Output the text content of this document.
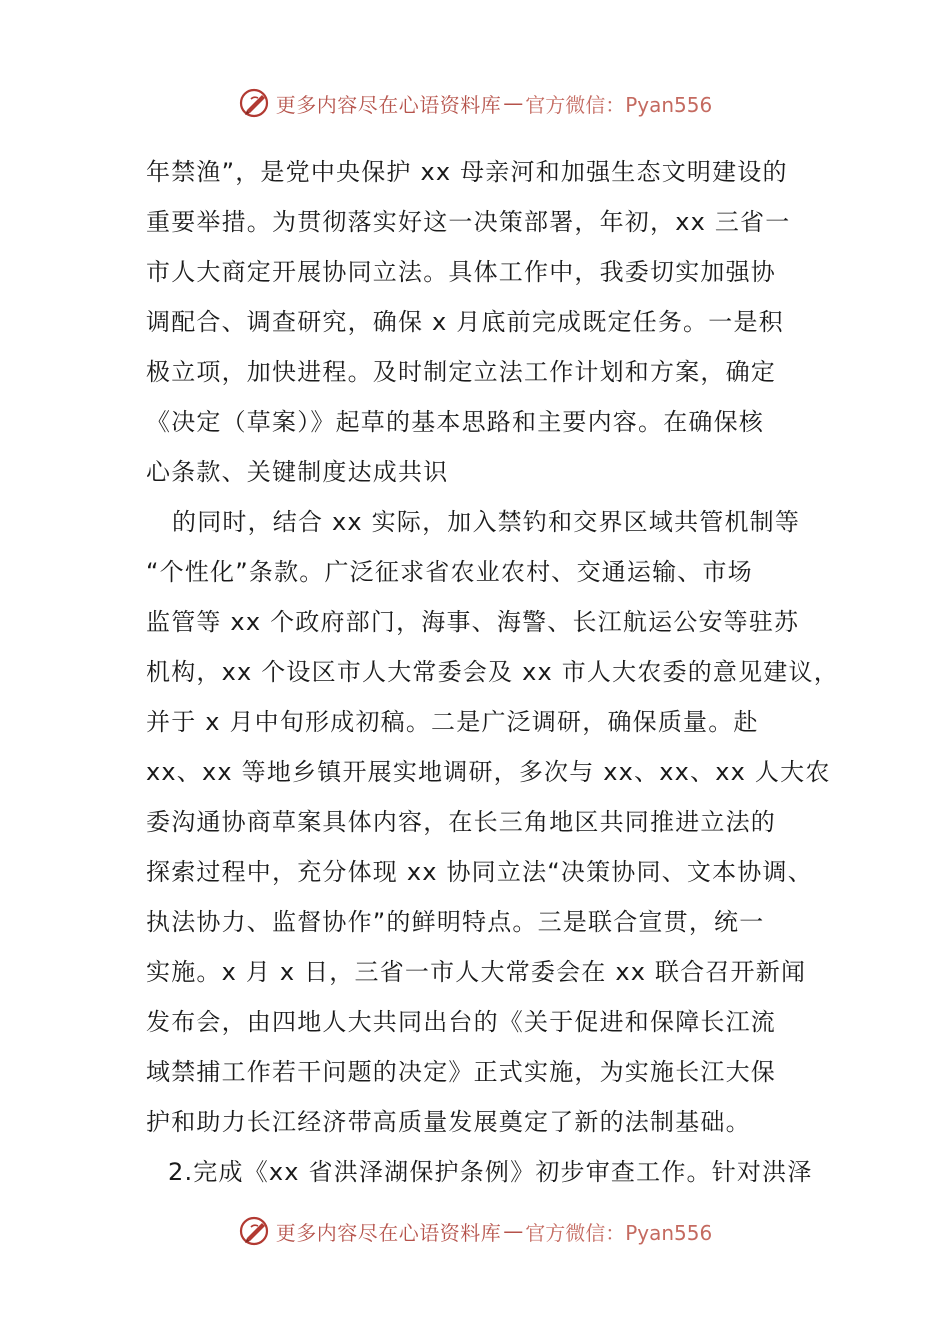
更多内容尽在心语资料库 — 官方微信：Pyan556
年禁渔”，是党中央保护 xx 母亲河和加强生态文明建设的
重要举措。为贯彻落实好这一决策部署，年初，xx 三省一
市人大商定开展协同立法。具体工作中，我委切实加强协
调配合、调查研究，确保 x 月底前完成既定任务。一是积
极立项，加快进程。及时制定立法工作计划和方案，确定
《决定（草案）》起草的基本思路和主要内容。在确保核
心条款、关键制度达成共识
的同时，结合 xx 实际，加入禁钓和交界区域共管机制等
“个性化”条款。广泛征求省农业农村、交通运输、市场
监管等 xx 个政府部门，海事、海警、长江航运公安等驻苏
机构，xx 个设区市人大常委会及 xx 市人大农委的意见建议，
并于 x 月中旬形成初稿。二是广泛调研，确保质量。赴
xx、xx 等地乡镇开展实地调研，多次与 xx、xx、xx 人大农
委沟通协商草案具体内容，在长三角地区共同推进立法的
探索过程中，充分体现 xx 协同立法“决策协同、文本协调、
执法协力、监督协作”的鲜明特点。三是联合宣贯，统一
实施。x 月 x 日，三省一市人大常委会在 xx 联合召开新闻
发布会，由四地人大共同出台的《关于促进和保障长江流
域禁捕工作若干问题的决定》正式实施，为实施长江大保
护和助力长江经济带高质量发展奠定了新的法制基础。
2.完成《xx 省洪泽湖保护条例》初步审查工作。针对洪泽
更多内容尽在心语资料库 — 官方微信：Pyan556
